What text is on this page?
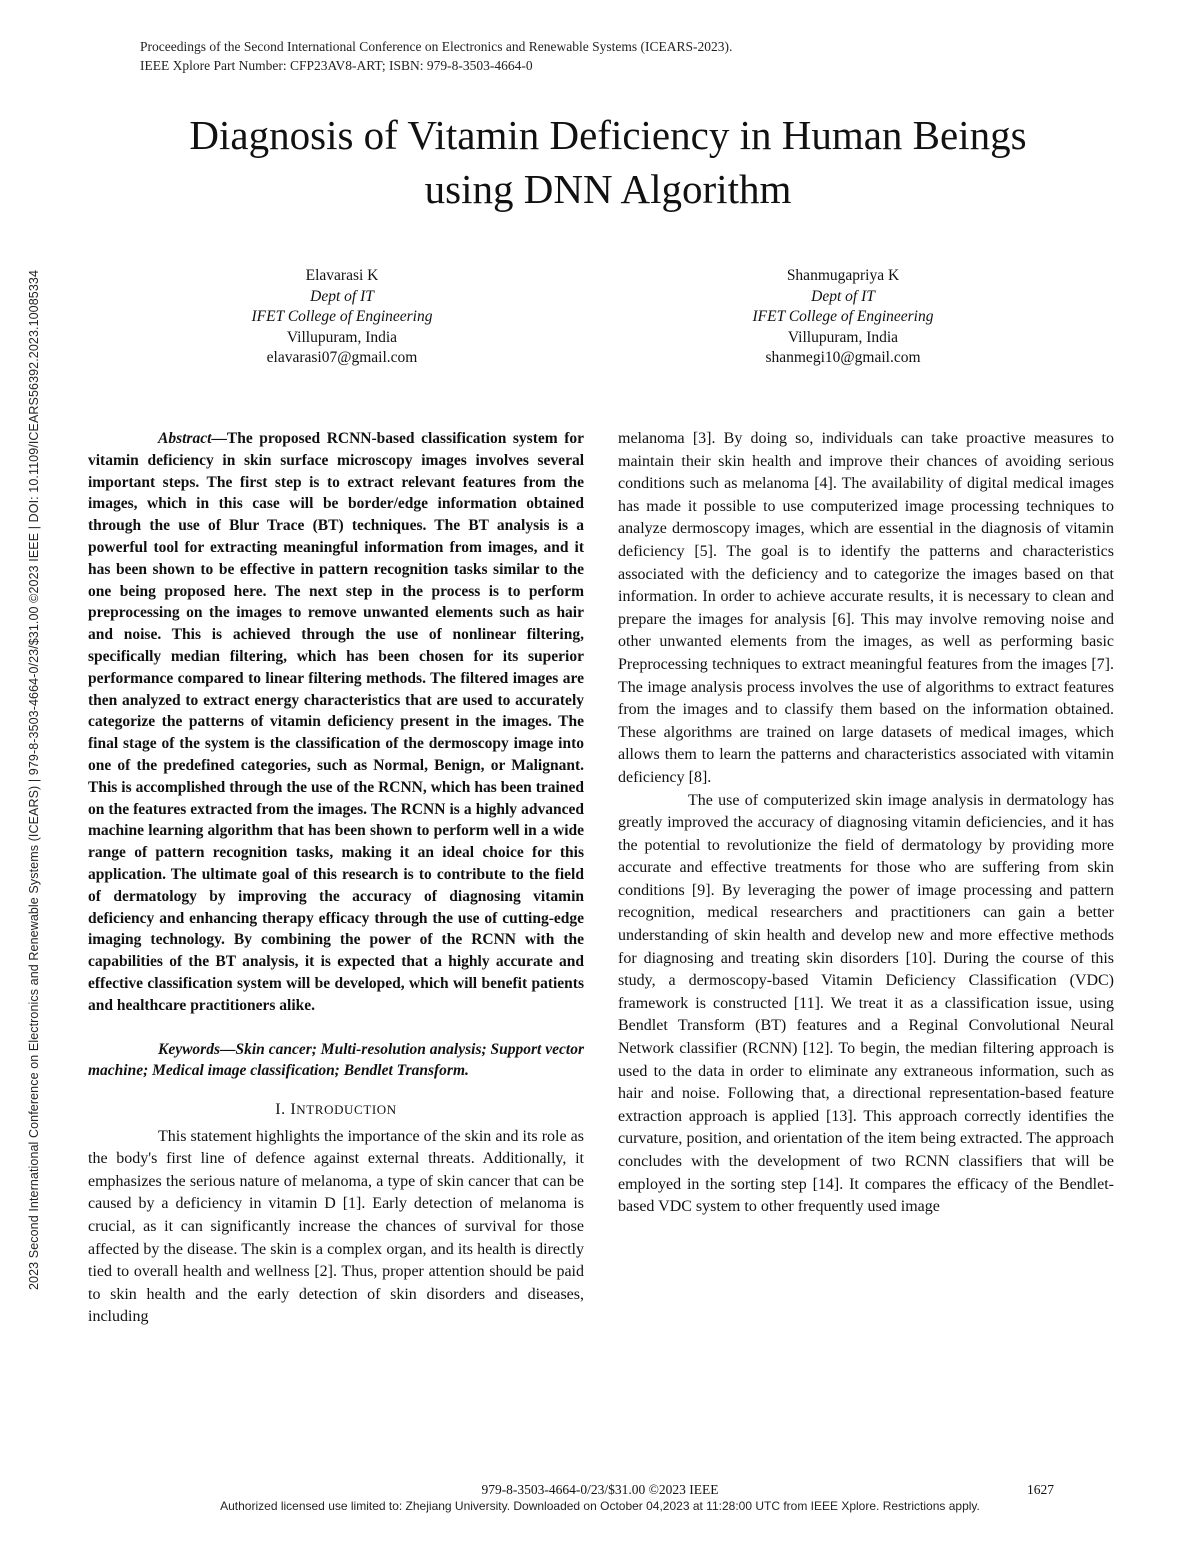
Proceedings of the Second International Conference on Electronics and Renewable Systems (ICEARS-2023).
IEEE Xplore Part Number: CFP23AV8-ART; ISBN: 979-8-3503-4664-0
2023 Second International Conference on Electronics and Renewable Systems (ICEARS) | 979-8-3503-4664-0/23/$31.00 ©2023 IEEE | DOI: 10.1109/ICEARS56392.2023.10085334
Diagnosis of Vitamin Deficiency in Human Beings using DNN Algorithm
Elavarasi K
Dept of IT
IFET College of Engineering
Villupuram, India
elavarasi07@gmail.com
Shanmugapriya K
Dept of IT
IFET College of Engineering
Villupuram, India
shanmegi10@gmail.com

Abstract—The proposed RCNN-based classification system for vitamin deficiency in skin surface microscopy images involves several important steps. The first step is to extract relevant features from the images, which in this case will be border/edge information obtained through the use of Blur Trace (BT) techniques. The BT analysis is a powerful tool for extracting meaningful information from images, and it has been shown to be effective in pattern recognition tasks similar to the one being proposed here. The next step in the process is to perform preprocessing on the images to remove unwanted elements such as hair and noise. This is achieved through the use of nonlinear filtering, specifically median filtering, which has been chosen for its superior performance compared to linear filtering methods. The filtered images are then analyzed to extract energy characteristics that are used to accurately categorize the patterns of vitamin deficiency present in the images. The final stage of the system is the classification of the dermoscopy image into one of the predefined categories, such as Normal, Benign, or Malignant. This is accomplished through the use of the RCNN, which has been trained on the features extracted from the images. The RCNN is a highly advanced machine learning algorithm that has been shown to perform well in a wide range of pattern recognition tasks, making it an ideal choice for this application. The ultimate goal of this research is to contribute to the field of dermatology by improving the accuracy of diagnosing vitamin deficiency and enhancing therapy efficacy through the use of cutting-edge imaging technology. By combining the power of the RCNN with the capabilities of the BT analysis, it is expected that a highly accurate and effective classification system will be developed, which will benefit patients and healthcare practitioners alike.

Keywords—Skin cancer; Multi-resolution analysis; Support vector machine; Medical image classification; Bendlet Transform.

I. INTRODUCTION

This statement highlights the importance of the skin and its role as the body's first line of defence against external threats. Additionally, it emphasizes the serious nature of melanoma, a type of skin cancer that can be caused by a deficiency in vitamin D [1]. Early detection of melanoma is crucial, as it can significantly increase the chances of survival for those affected by the disease. The skin is a complex organ, and its health is directly tied to overall health and wellness [2]. Thus, proper attention should be paid to skin health and the early detection of skin disorders and diseases, including

melanoma [3]. By doing so, individuals can take proactive measures to maintain their skin health and improve their chances of avoiding serious conditions such as melanoma [4]. The availability of digital medical images has made it possible to use computerized image processing techniques to analyze dermoscopy images, which are essential in the diagnosis of vitamin deficiency [5]. The goal is to identify the patterns and characteristics associated with the deficiency and to categorize the images based on that information. In order to achieve accurate results, it is necessary to clean and prepare the images for analysis [6]. This may involve removing noise and other unwanted elements from the images, as well as performing basic Preprocessing techniques to extract meaningful features from the images [7]. The image analysis process involves the use of algorithms to extract features from the images and to classify them based on the information obtained. These algorithms are trained on large datasets of medical images, which allows them to learn the patterns and characteristics associated with vitamin deficiency [8].

The use of computerized skin image analysis in dermatology has greatly improved the accuracy of diagnosing vitamin deficiencies, and it has the potential to revolutionize the field of dermatology by providing more accurate and effective treatments for those who are suffering from skin conditions [9]. By leveraging the power of image processing and pattern recognition, medical researchers and practitioners can gain a better understanding of skin health and develop new and more effective methods for diagnosing and treating skin disorders [10]. During the course of this study, a dermoscopy-based Vitamin Deficiency Classification (VDC) framework is constructed [11]. We treat it as a classification issue, using Bendlet Transform (BT) features and a Reginal Convolutional Neural Network classifier (RCNN) [12]. To begin, the median filtering approach is used to the data in order to eliminate any extraneous information, such as hair and noise. Following that, a directional representation-based feature extraction approach is applied [13]. This approach correctly identifies the curvature, position, and orientation of the item being extracted. The approach concludes with the development of two RCNN classifiers that will be employed in the sorting step [14]. It compares the efficacy of the Bendlet-based VDC system to other frequently used image

979-8-3503-4664-0/23/$31.00 ©2023 IEEE	1627
Authorized licensed use limited to: Zhejiang University. Downloaded on October 04,2023 at 11:28:00 UTC from IEEE Xplore. Restrictions apply.
